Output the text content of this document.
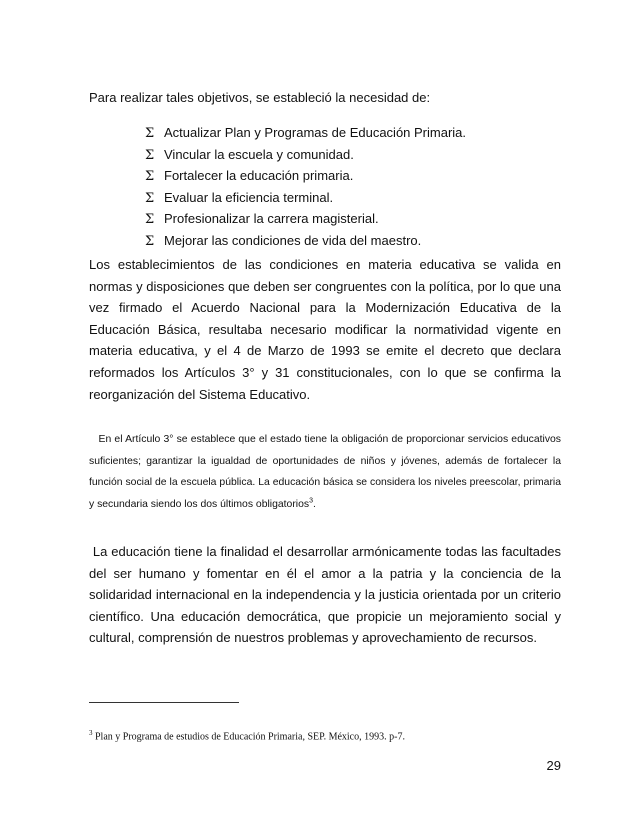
Para realizar tales objetivos, se estableció la necesidad de:

Σ Actualizar Plan y Programas de Educación Primaria.
Σ Vincular la escuela y comunidad.
Σ Fortalecer la educación primaria.
Σ Evaluar la eficiencia terminal.
Σ Profesionalizar la carrera magisterial.
Σ Mejorar las condiciones de vida del maestro.

Los establecimientos de las condiciones en materia educativa se valida en normas y disposiciones que deben ser congruentes con la política, por lo que una vez firmado el Acuerdo Nacional para la Modernización Educativa de la Educación Básica, resultaba necesario modificar la normatividad vigente en materia educativa, y el 4 de Marzo de 1993 se emite el decreto que declara reformados los Artículos 3° y 31 constitucionales, con lo que se confirma la reorganización del Sistema Educativo.

En el Artículo 3° se establece que el estado tiene la obligación de proporcionar servicios educativos suficientes; garantizar la igualdad de oportunidades de niños y jóvenes, además de fortalecer la función social de la escuela pública. La educación básica se considera los niveles preescolar, primaria y secundaria siendo los dos últimos obligatorios$^3$.

La educación tiene la finalidad el desarrollar armónicamente todas las facultades del ser humano y fomentar en él el amor a la patria y la conciencia de la solidaridad internacional en la independencia y la justicia orientada por un criterio científico. Una educación democrática, que propicie un mejoramiento social y cultural, comprensión de nuestros problemas y aprovechamiento de recursos.

$^3$ Plan y Programa de estudios de Educación Primaria, SEP. México, 1993. p-7.

29
